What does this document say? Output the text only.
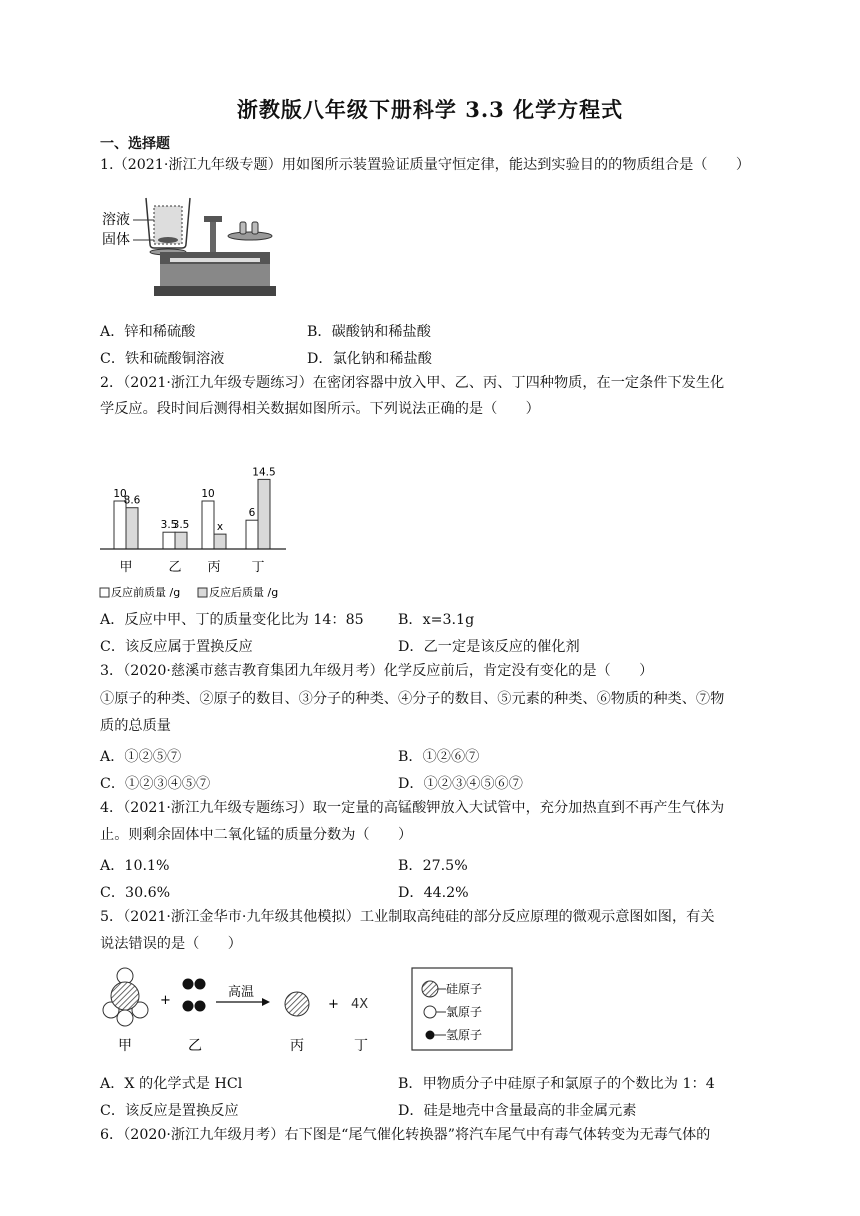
浙教版八年级下册科学 3.3 化学方程式
一、选择题
1.（2021·浙江九年级专题）用如图所示装置验证质量守恒定律，能达到实验目的的物质组合是（　　）
溶液
固体
A．锌和稀硫酸	B．碳酸钠和稀盐酸
C．铁和硫酸铜溶液	D．氯化钠和稀盐酸
2．（2021·浙江九年级专题练习）在密闭容器中放入甲、乙、丙、丁四种物质，在一定条件下发生化
学反应。段时间后测得相关数据如图所示。下列说法正确的是（　　）
10
8.6
3.5
3.5
10
x
6
14.5
甲	乙 丙 丁
反应前质量 /g	反应后质量 /g
A．反应中甲、丁的质量变化比为 14：85 B．x=3.1g
C．该反应属于置换反应	D．乙一定是该反应的催化剂
3．（2020·慈溪市慈吉教育集团九年级月考）化学反应前后，肯定没有变化的是（　　）
①原子的种类、②原子的数目、③分子的种类、④分子的数目、⑤元素的种类、⑥物质的种类、⑦物
质的总质量
A．①②⑤⑦	B．①②⑥⑦
C．①②③④⑤⑦	D．①②③④⑤⑥⑦
4．（2021·浙江九年级专题练习）取一定量的高锰酸钾放入大试管中，充分加热直到不再产生气体为
止。则剩余固体中二氧化锰的质量分数为（　　）
A．10.1%	B．27.5%
C．30.6%	D．44.2%
5．（2021·浙江金华市·九年级其他模拟）工业制取高纯硅的部分反应原理的微观示意图如图，有关
说法错误的是（　　）
+
高温
+ 4X
甲	乙	丙	丁
硅原子
氯原子
氢原子
A．X 的化学式是 HCl	B．甲物质分子中硅原子和氯原子的个数比为 1：4
C．该反应是置换反应	D．硅是地壳中含量最高的非金属元素
6．（2020·浙江九年级月考）右下图是“尾气催化转换器”将汽车尾气中有毒气体转变为无毒气体的
